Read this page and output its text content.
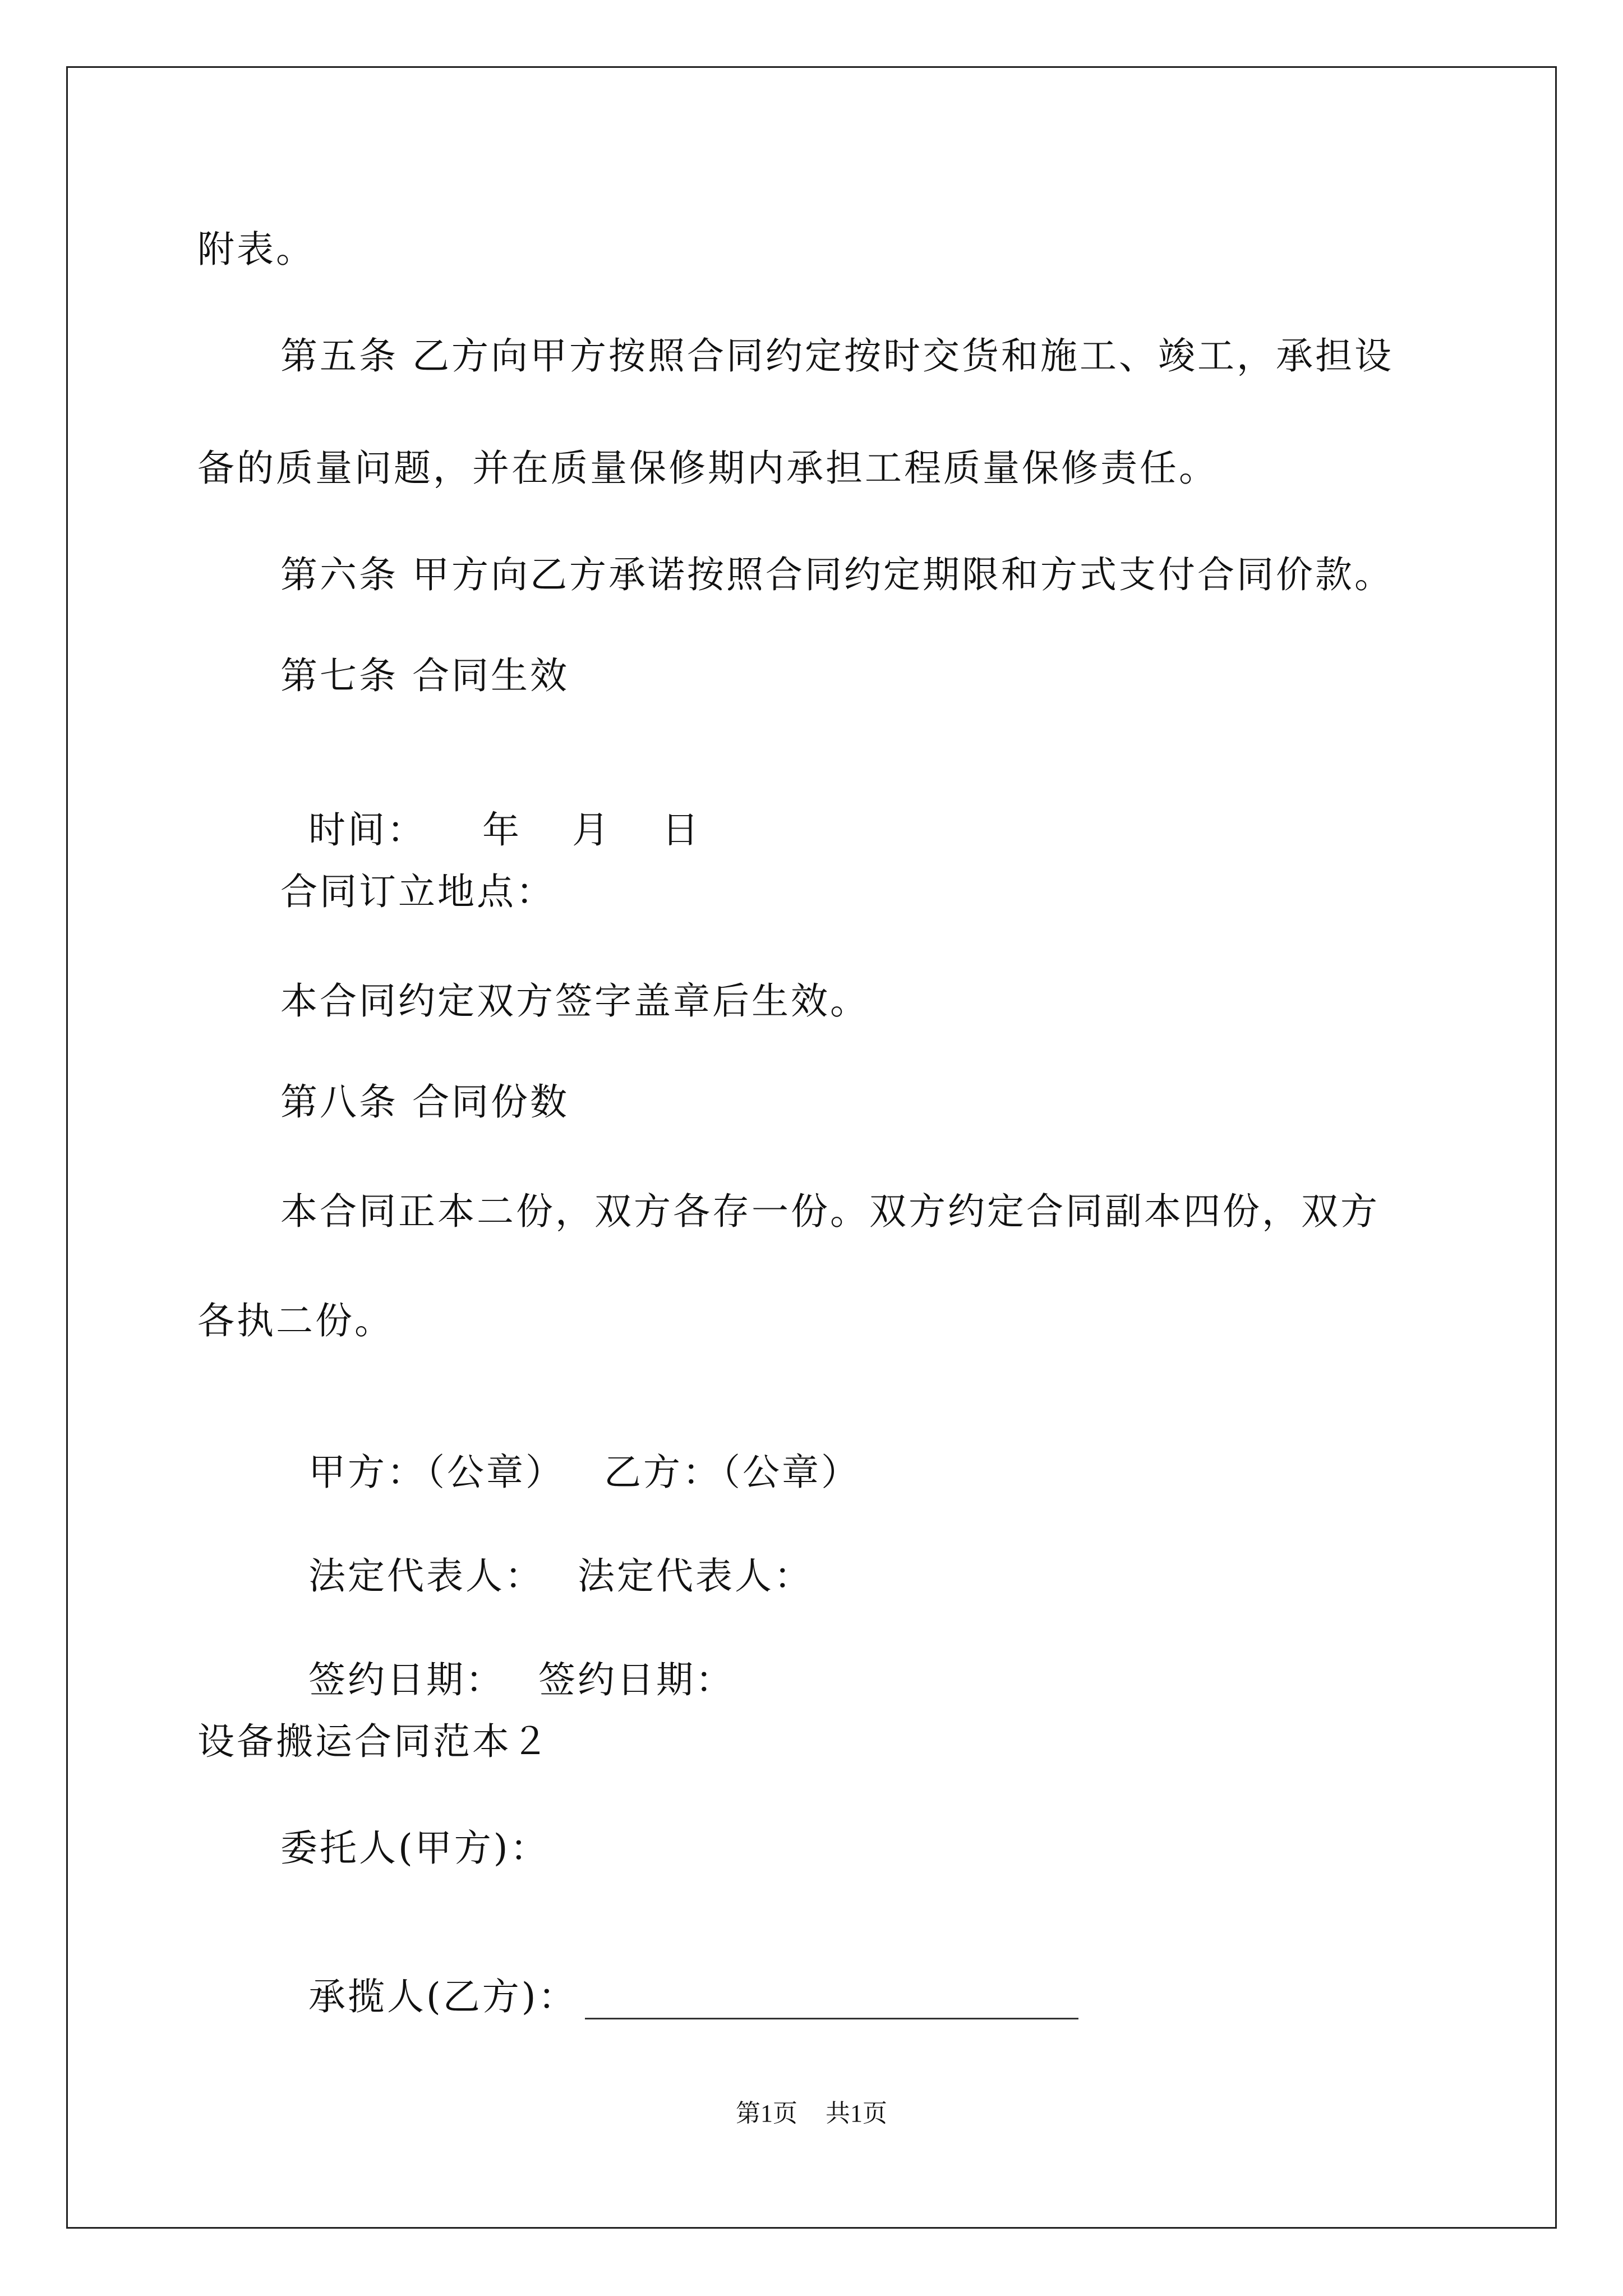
附表。
第五条 乙方向甲方按照合同约定按时交货和施工、竣工，承担设
备的质量问题，并在质量保修期内承担工程质量保修责任。
第六条 甲方向乙方承诺按照合同约定期限和方式支付合同价款。
第七条 合同生效

时间： 年 月 日

合同订立地点：
本合同约定双方签字盖章后生效。
第八条 合同份数
本合同正本二份，双方各存一份。双方约定合同副本四份，双方
各执二份。

甲方：（公章） 乙方：（公章）

法定代表人： 法定代表人：

签约日期： 签约日期：

设备搬运合同范本２
委托人(甲方)：

承揽人(乙方)：

第1页 共1页
